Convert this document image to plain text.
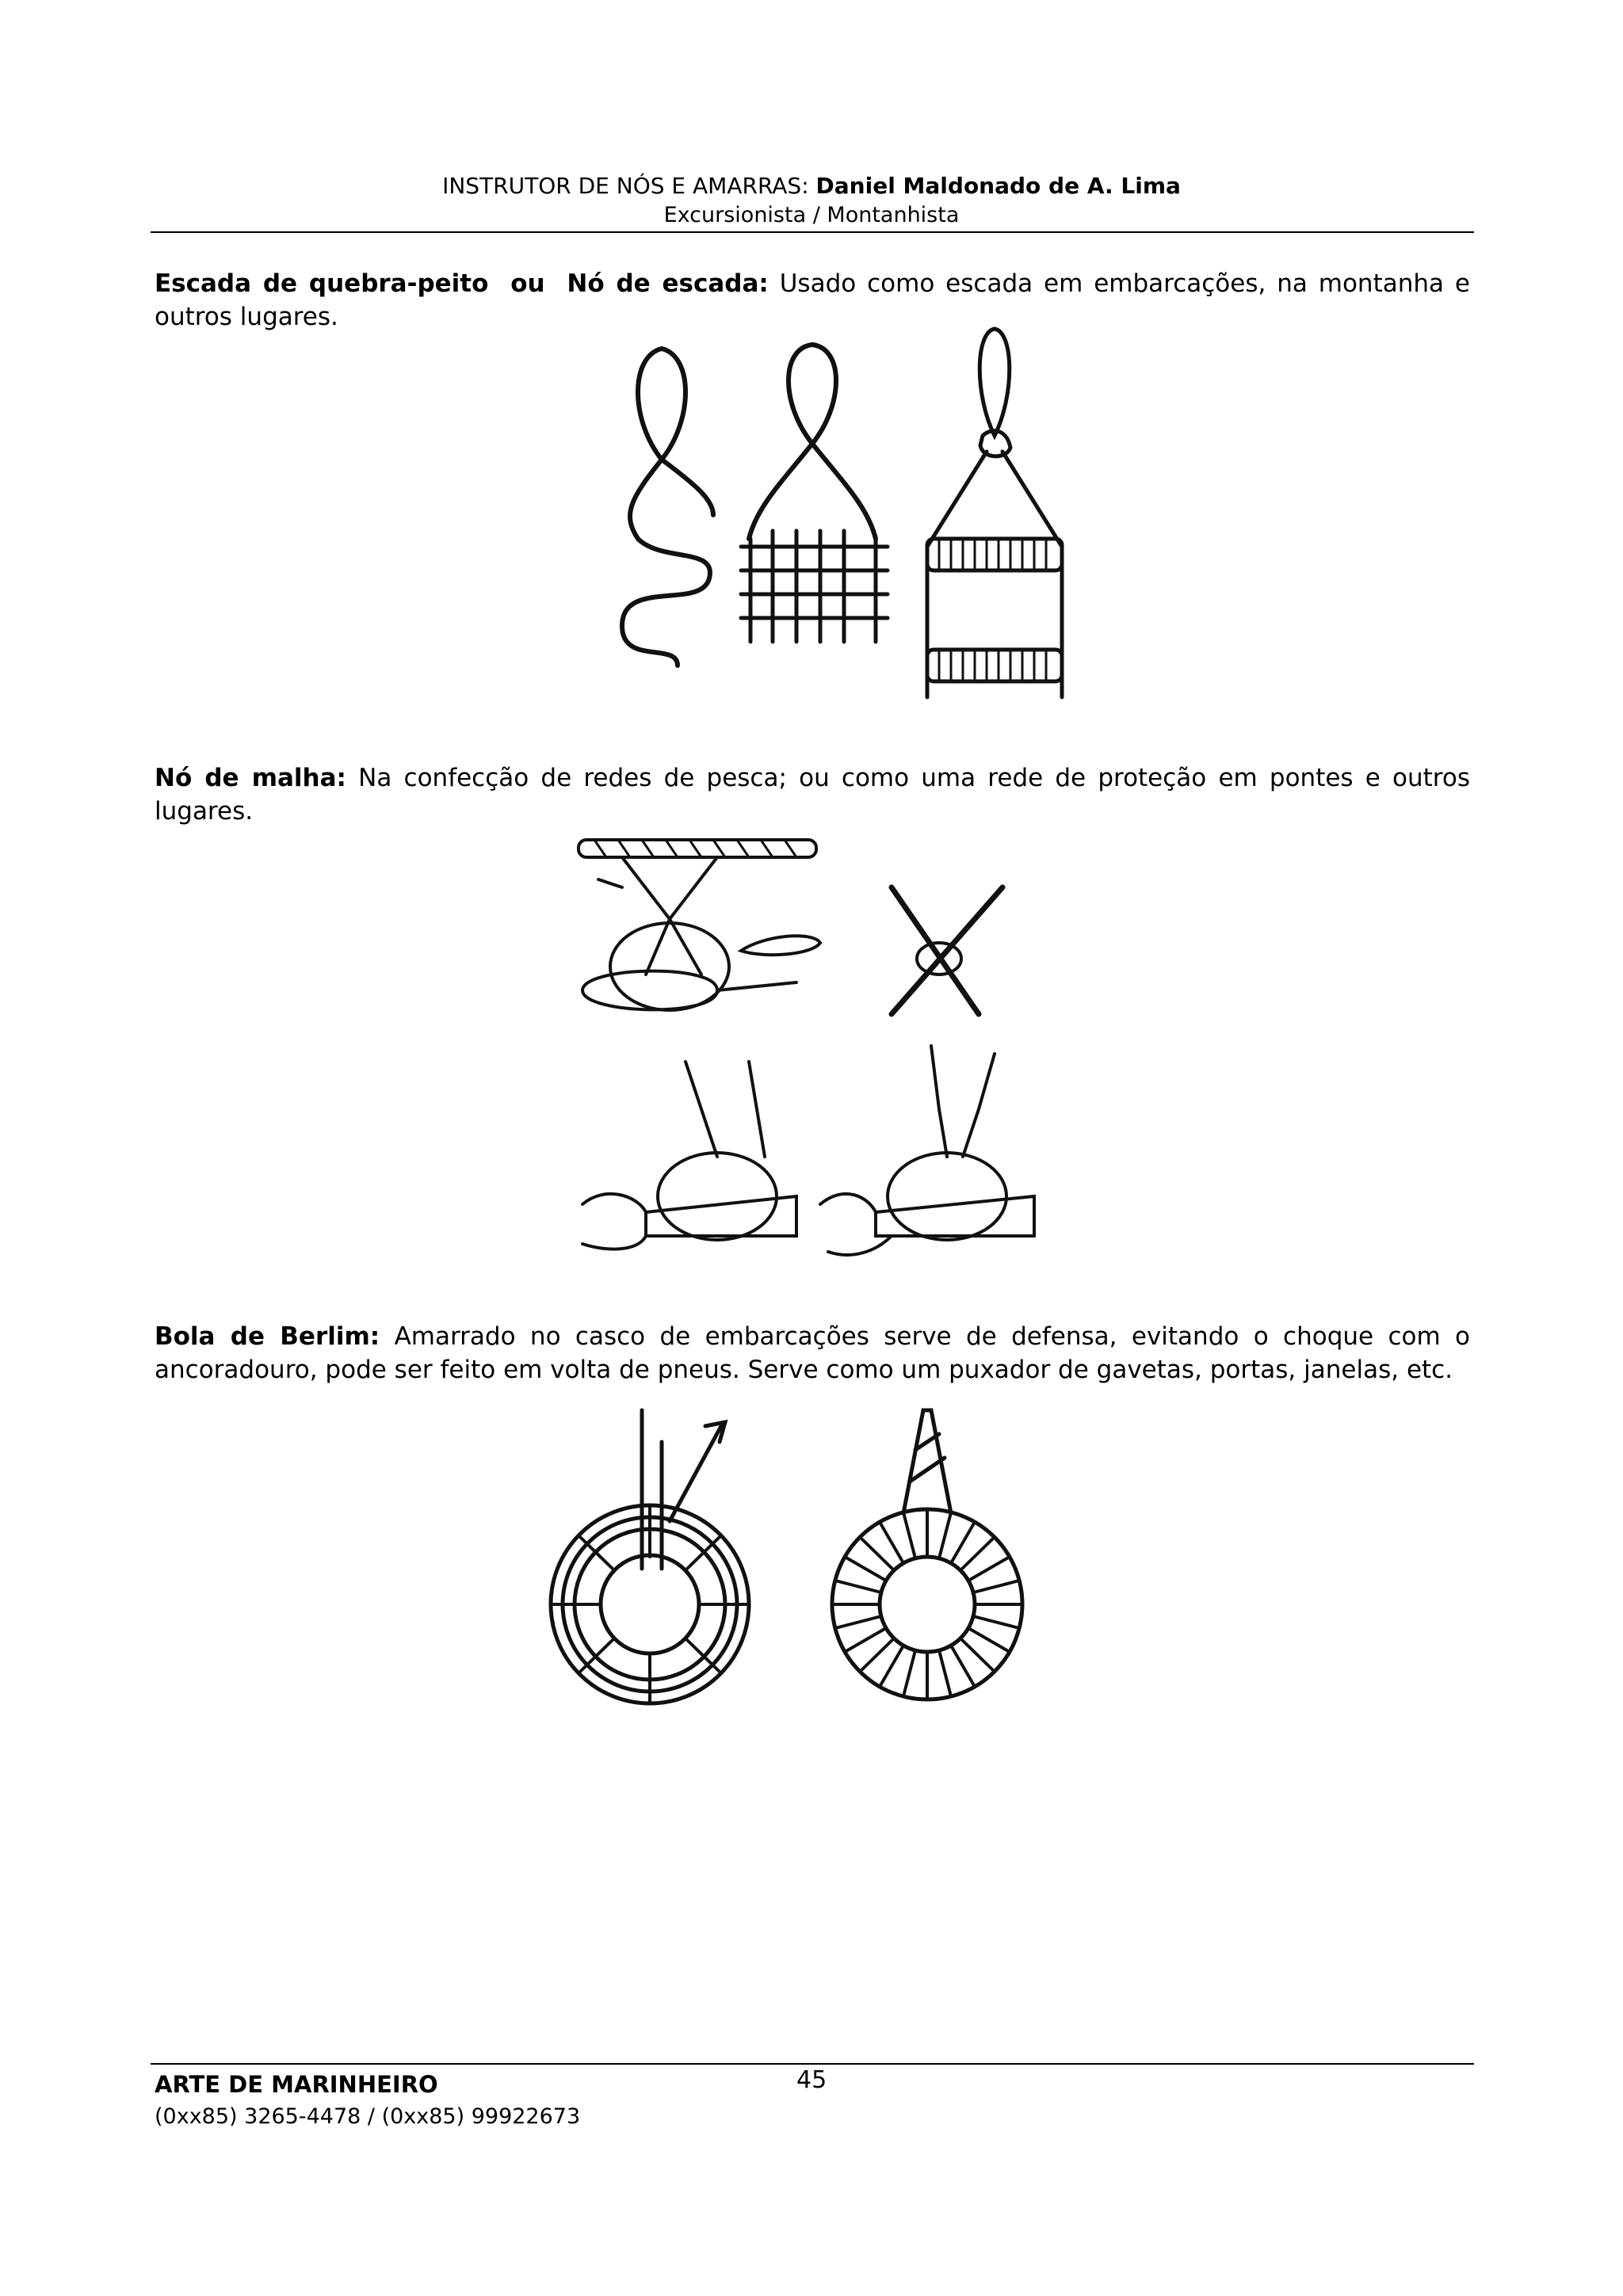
INSTRUTOR DE NÓS E AMARRAS: Daniel Maldonado de A. Lima
Excursionista / Montanhista

Escada de quebra-peito ou Nó de escada: Usado como escada em embarcações, na montanha e outros lugares.

Nó de malha: Na confecção de redes de pesca; ou como uma rede de proteção em pontes e outros lugares.

Bola de Berlim: Amarrado no casco de embarcações serve de defensa, evitando o choque com o ancoradouro, pode ser feito em volta de pneus. Serve como um puxador de gavetas, portas, janelas, etc.

ARTE DE MARINHEIRO	45
(0xx85) 3265-4478 / (0xx85) 99922673
